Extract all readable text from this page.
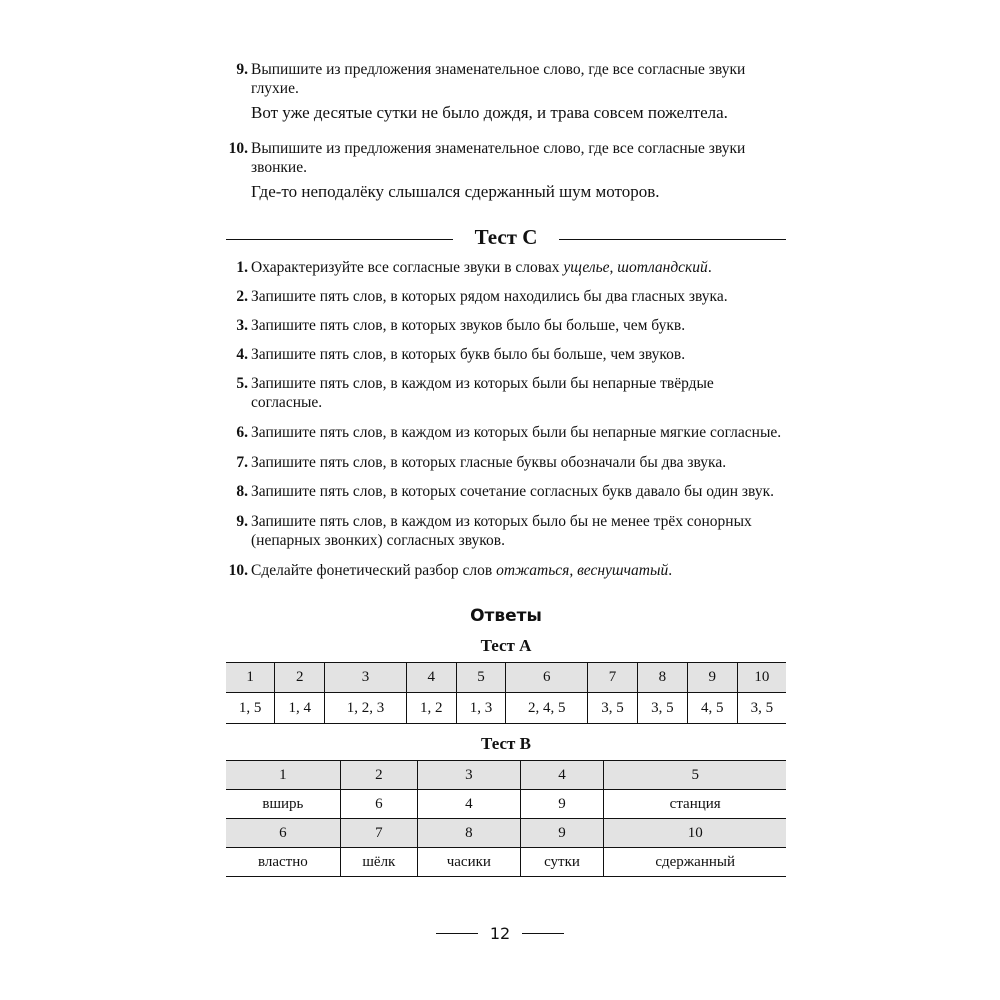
9. Выпишите из предложения знаменательное слово, где все согласные звуки глухие.
Вот уже десятые сутки не было дождя, и трава совсем пожелтела.
10. Выпишите из предложения знаменательное слово, где все согласные звуки звонкие.
Где-то неподалёку слышался сдержанный шум моторов.
Тест С
1. Охарактеризуйте все согласные звуки в словах ущелье, шотландский.
2. Запишите пять слов, в которых рядом находились бы два гласных звука.
3. Запишите пять слов, в которых звуков было бы больше, чем букв.
4. Запишите пять слов, в которых букв было бы больше, чем звуков.
5. Запишите пять слов, в каждом из которых были бы непарные твёрдые согласные.
6. Запишите пять слов, в каждом из которых были бы непарные мягкие согласные.
7. Запишите пять слов, в которых гласные буквы обозначали бы два звука.
8. Запишите пять слов, в которых сочетание согласных букв давало бы один звук.
9. Запишите пять слов, в каждом из которых было бы не менее трёх сонорных (непарных звонких) согласных звуков.
10. Сделайте фонетический разбор слов отжаться, веснушчатый.
Ответы
Тест А
1	2	3	4	5	6	7	8	9	10
1, 5	1, 4	1, 2, 3	1, 2	1, 3	2, 4, 5	3, 5	3, 5	4, 5	3, 5
Тест В
1	2	3	4	5
вширь	6	4	9	станция
6	7	8	9	10
властно	шёлк	часики	сутки	сдержанный
12
